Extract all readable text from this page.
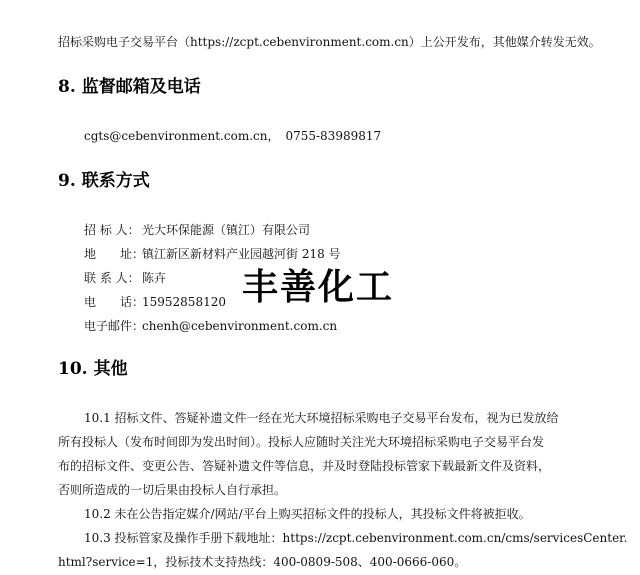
招标采购电子交易平台（https://zcpt.cebenvironment.com.cn）上公开发布，其他媒介转发无效。
8. 监督邮箱及电话
cgts@cebenvironment.com.cn，　0755-83989817
9. 联系方式
招 标 人： 光大环保能源（镇江）有限公司
地　　址：镇江新区新材料产业园越河街 218 号
联 系 人： 陈卉
电　　话：15952858120
电子邮件：chenh@cebenvironment.com.cn
丰善化工
10. 其他
10.1 招标文件、答疑补遗文件一经在光大环境招标采购电子交易平台发布，视为已发放给
所有投标人（发布时间即为发出时间）。投标人应随时关注光大环境招标采购电子交易平台发
布的招标文件、变更公告、答疑补遗文件等信息，并及时登陆投标管家下载最新文件及资料，
否则所造成的一切后果由投标人自行承担。
10.2 未在公告指定媒介/网站/平台上购买招标文件的投标人，其投标文件将被拒收。
10.3 投标管家及操作手册下载地址：https://zcpt.cebenvironment.com.cn/cms/servicesCenter.
html?service=1，投标技术支持热线：400-0809-508、400-0666-060。
